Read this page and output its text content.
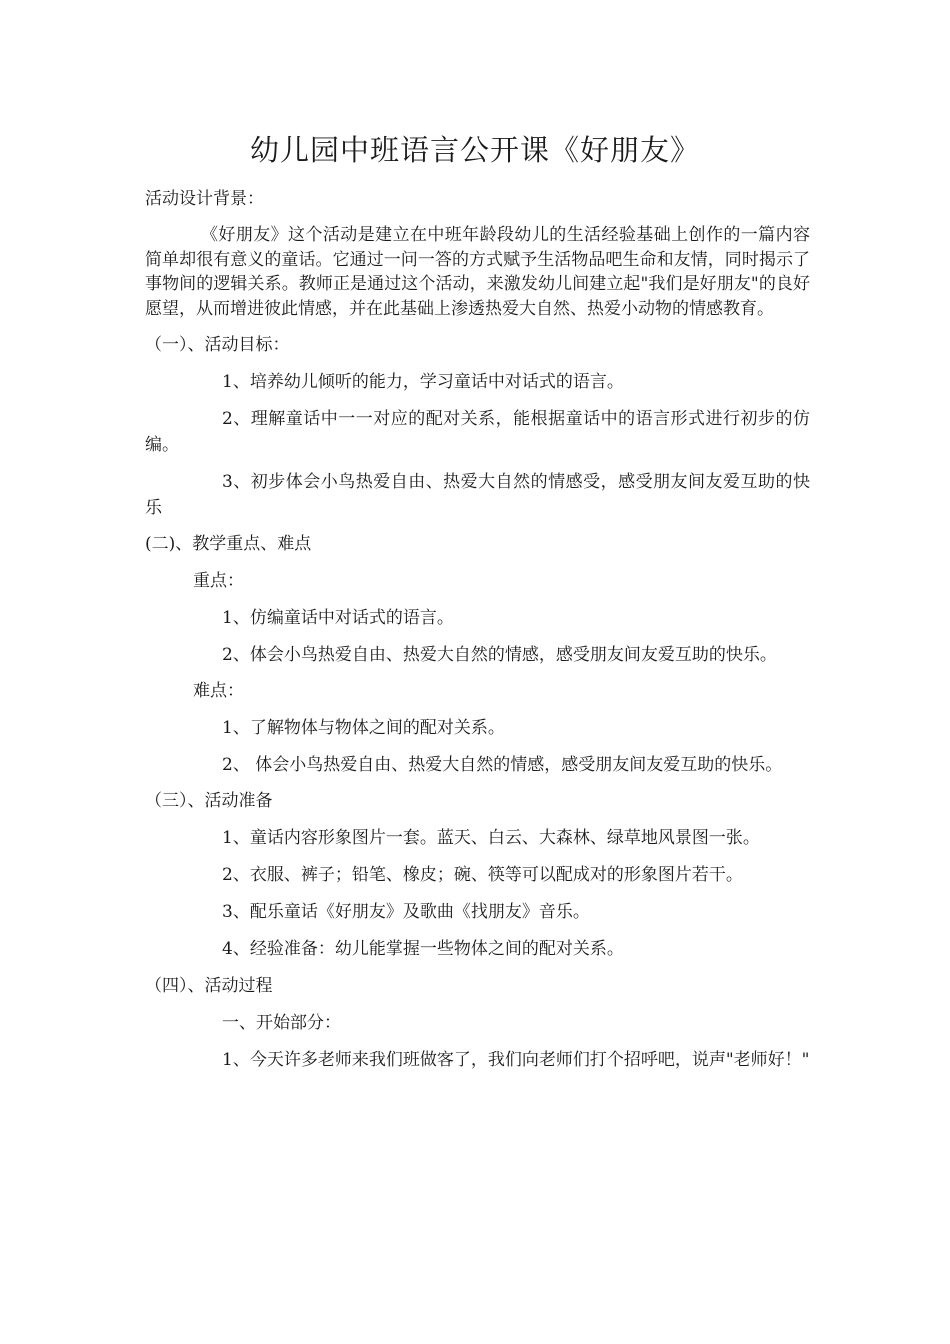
幼儿园中班语言公开课《好朋友》

活动设计背景：

《好朋友》这个活动是建立在中班年龄段幼儿的生活经验基础上创作的一篇内容简单却很有意义的童话。它通过一问一答的方式赋予生活物品吧生命和友情，同时揭示了事物间的逻辑关系。教师正是通过这个活动，来激发幼儿间建立起"我们是好朋友"的良好愿望，从而增进彼此情感，并在此基础上渗透热爱大自然、热爱小动物的情感教育。

（一）、活动目标：

1、培养幼儿倾听的能力，学习童话中对话式的语言。

2、理解童话中一一对应的配对关系，能根据童话中的语言形式进行初步的仿编。

3、初步体会小鸟热爱自由、热爱大自然的情感受，感受朋友间友爱互助的快乐

(二)、教学重点、难点

重点：

1、仿编童话中对话式的语言。

2、体会小鸟热爱自由、热爱大自然的情感，感受朋友间友爱互助的快乐。

难点：

1、了解物体与物体之间的配对关系。

2、 体会小鸟热爱自由、热爱大自然的情感，感受朋友间友爱互助的快乐。

（三）、活动准备

1、童话内容形象图片一套。蓝天、白云、大森林、绿草地风景图一张。

2、衣服、裤子；铅笔、橡皮；碗、筷等可以配成对的形象图片若干。

3、配乐童话《好朋友》及歌曲《找朋友》音乐。

4、经验准备：幼儿能掌握一些物体之间的配对关系。

（四）、活动过程

一、开始部分：

1、今天许多老师来我们班做客了，我们向老师们打个招呼吧，说声"老师好！"
